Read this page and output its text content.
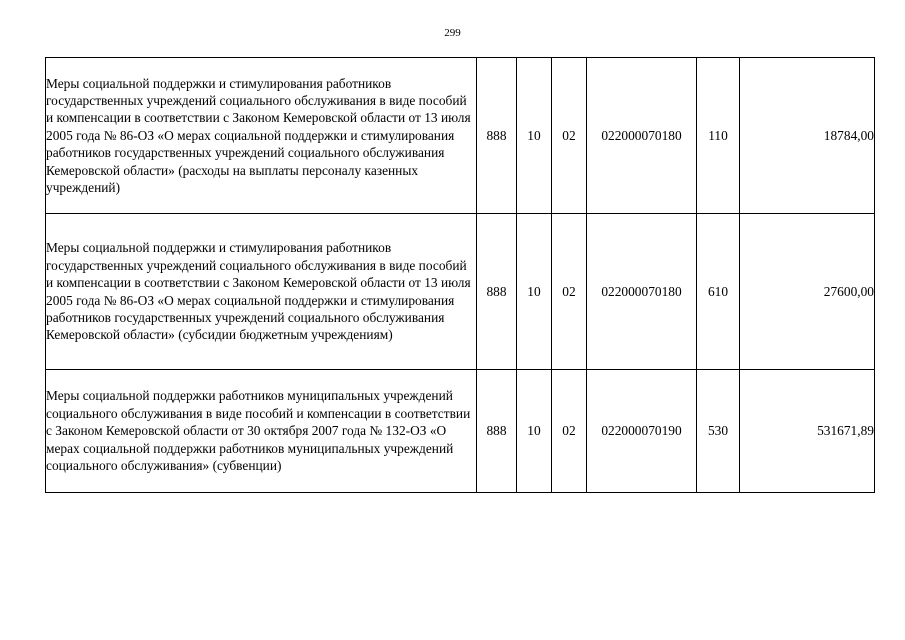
299
Меры социальной поддержки и стимулирования работников государственных учреждений социального обслуживания в виде пособий и компенсации в соответствии с Законом Кемеровской области от 13 июля 2005 года № 86-ОЗ «О мерах социальной поддержки и стимулирования работников государственных учреждений социального обслуживания Кемеровской области» (расходы на выплаты персоналу казенных учреждений)	888	10	02	022000070180	110	18784,00
Меры социальной поддержки и стимулирования работников государственных учреждений социального обслуживания в виде пособий и компенсации в соответствии с Законом Кемеровской области от 13 июля 2005 года № 86-ОЗ «О мерах социальной поддержки и стимулирования работников государственных учреждений социального обслуживания Кемеровской области» (субсидии бюджетным учреждениям)	888	10	02	022000070180	610	27600,00
Меры социальной поддержки работников муниципальных учреждений социального обслуживания в виде пособий и компенсации в соответствии с Законом Кемеровской области от 30 октября 2007 года № 132-ОЗ «О мерах социальной поддержки работников муниципальных учреждений социального обслуживания» (субвенции)	888	10	02	022000070190	530	531671,89
